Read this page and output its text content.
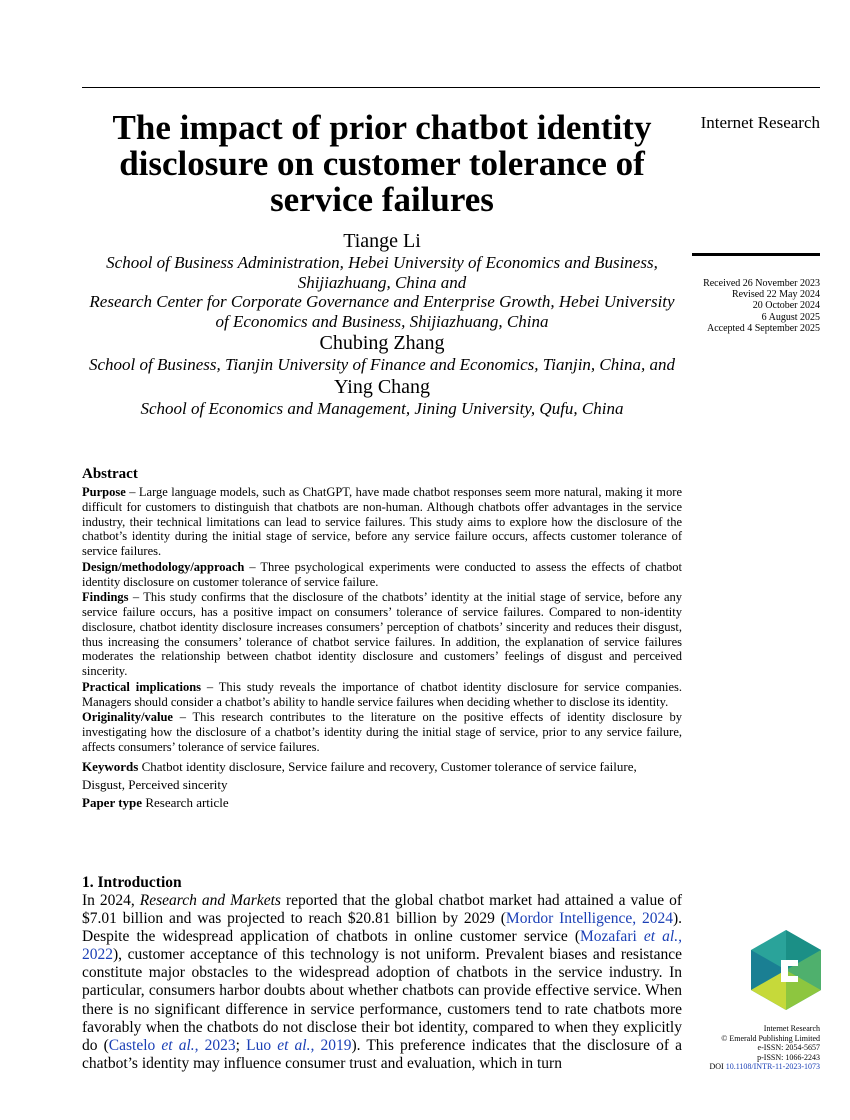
Internet Research
Received 26 November 2023
Revised 22 May 2024
20 October 2024
6 August 2025
Accepted 4 September 2025
Internet Research
© Emerald Publishing Limited
e-ISSN: 2054-5657
p-ISSN: 1066-2243
DOI 10.1108/INTR-11-2023-1073
The impact of prior chatbot identity disclosure on customer tolerance of service failures
Tiange Li
School of Business Administration, Hebei University of Economics and Business, Shijiazhuang, China and
Research Center for Corporate Governance and Enterprise Growth, Hebei University of Economics and Business, Shijiazhuang, China
Chubing Zhang
School of Business, Tianjin University of Finance and Economics, Tianjin, China, and
Ying Chang
School of Economics and Management, Jining University, Qufu, China
Abstract

Purpose – Large language models, such as ChatGPT, have made chatbot responses seem more natural, making it more difficult for customers to distinguish that chatbots are non-human. Although chatbots offer advantages in the service industry, their technical limitations can lead to service failures. This study aims to explore how the disclosure of the chatbot’s identity during the initial stage of service, before any service failure occurs, affects customer tolerance of service failures.

Design/methodology/approach – Three psychological experiments were conducted to assess the effects of chatbot identity disclosure on customer tolerance of service failure.

Findings – This study confirms that the disclosure of the chatbots’ identity at the initial stage of service, before any service failure occurs, has a positive impact on consumers’ tolerance of service failures. Compared to non-identity disclosure, chatbot identity disclosure increases consumers’ perception of chatbots’ sincerity and reduces their disgust, thus increasing the consumers’ tolerance of chatbot service failures. In addition, the explanation of service failures moderates the relationship between chatbot identity disclosure and customers’ feelings of disgust and perceived sincerity.

Practical implications – This study reveals the importance of chatbot identity disclosure for service companies. Managers should consider a chatbot’s ability to handle service failures when deciding whether to disclose its identity.

Originality/value – This research contributes to the literature on the positive effects of identity disclosure by investigating how the disclosure of a chatbot’s identity during the initial stage of service, prior to any service failure, affects consumers’ tolerance of service failures.

Keywords Chatbot identity disclosure, Service failure and recovery, Customer tolerance of service failure, Disgust, Perceived sincerity
Paper type Research article
1. Introduction

In 2024, Research and Markets reported that the global chatbot market had attained a value of $7.01 billion and was projected to reach $20.81 billion by 2029 (Mordor Intelligence, 2024). Despite the widespread application of chatbots in online customer service (Mozafari et al., 2022), customer acceptance of this technology is not uniform. Prevalent biases and resistance constitute major obstacles to the widespread adoption of chatbots in the service industry. In particular, consumers harbor doubts about whether chatbots can provide effective service. When there is no significant difference in service performance, customers tend to rate chatbots more favorably when the chatbots do not disclose their bot identity, compared to when they explicitly do (Castelo et al., 2023; Luo et al., 2019). This preference indicates that the disclosure of a chatbot’s identity may influence consumer trust and evaluation, which in turn
